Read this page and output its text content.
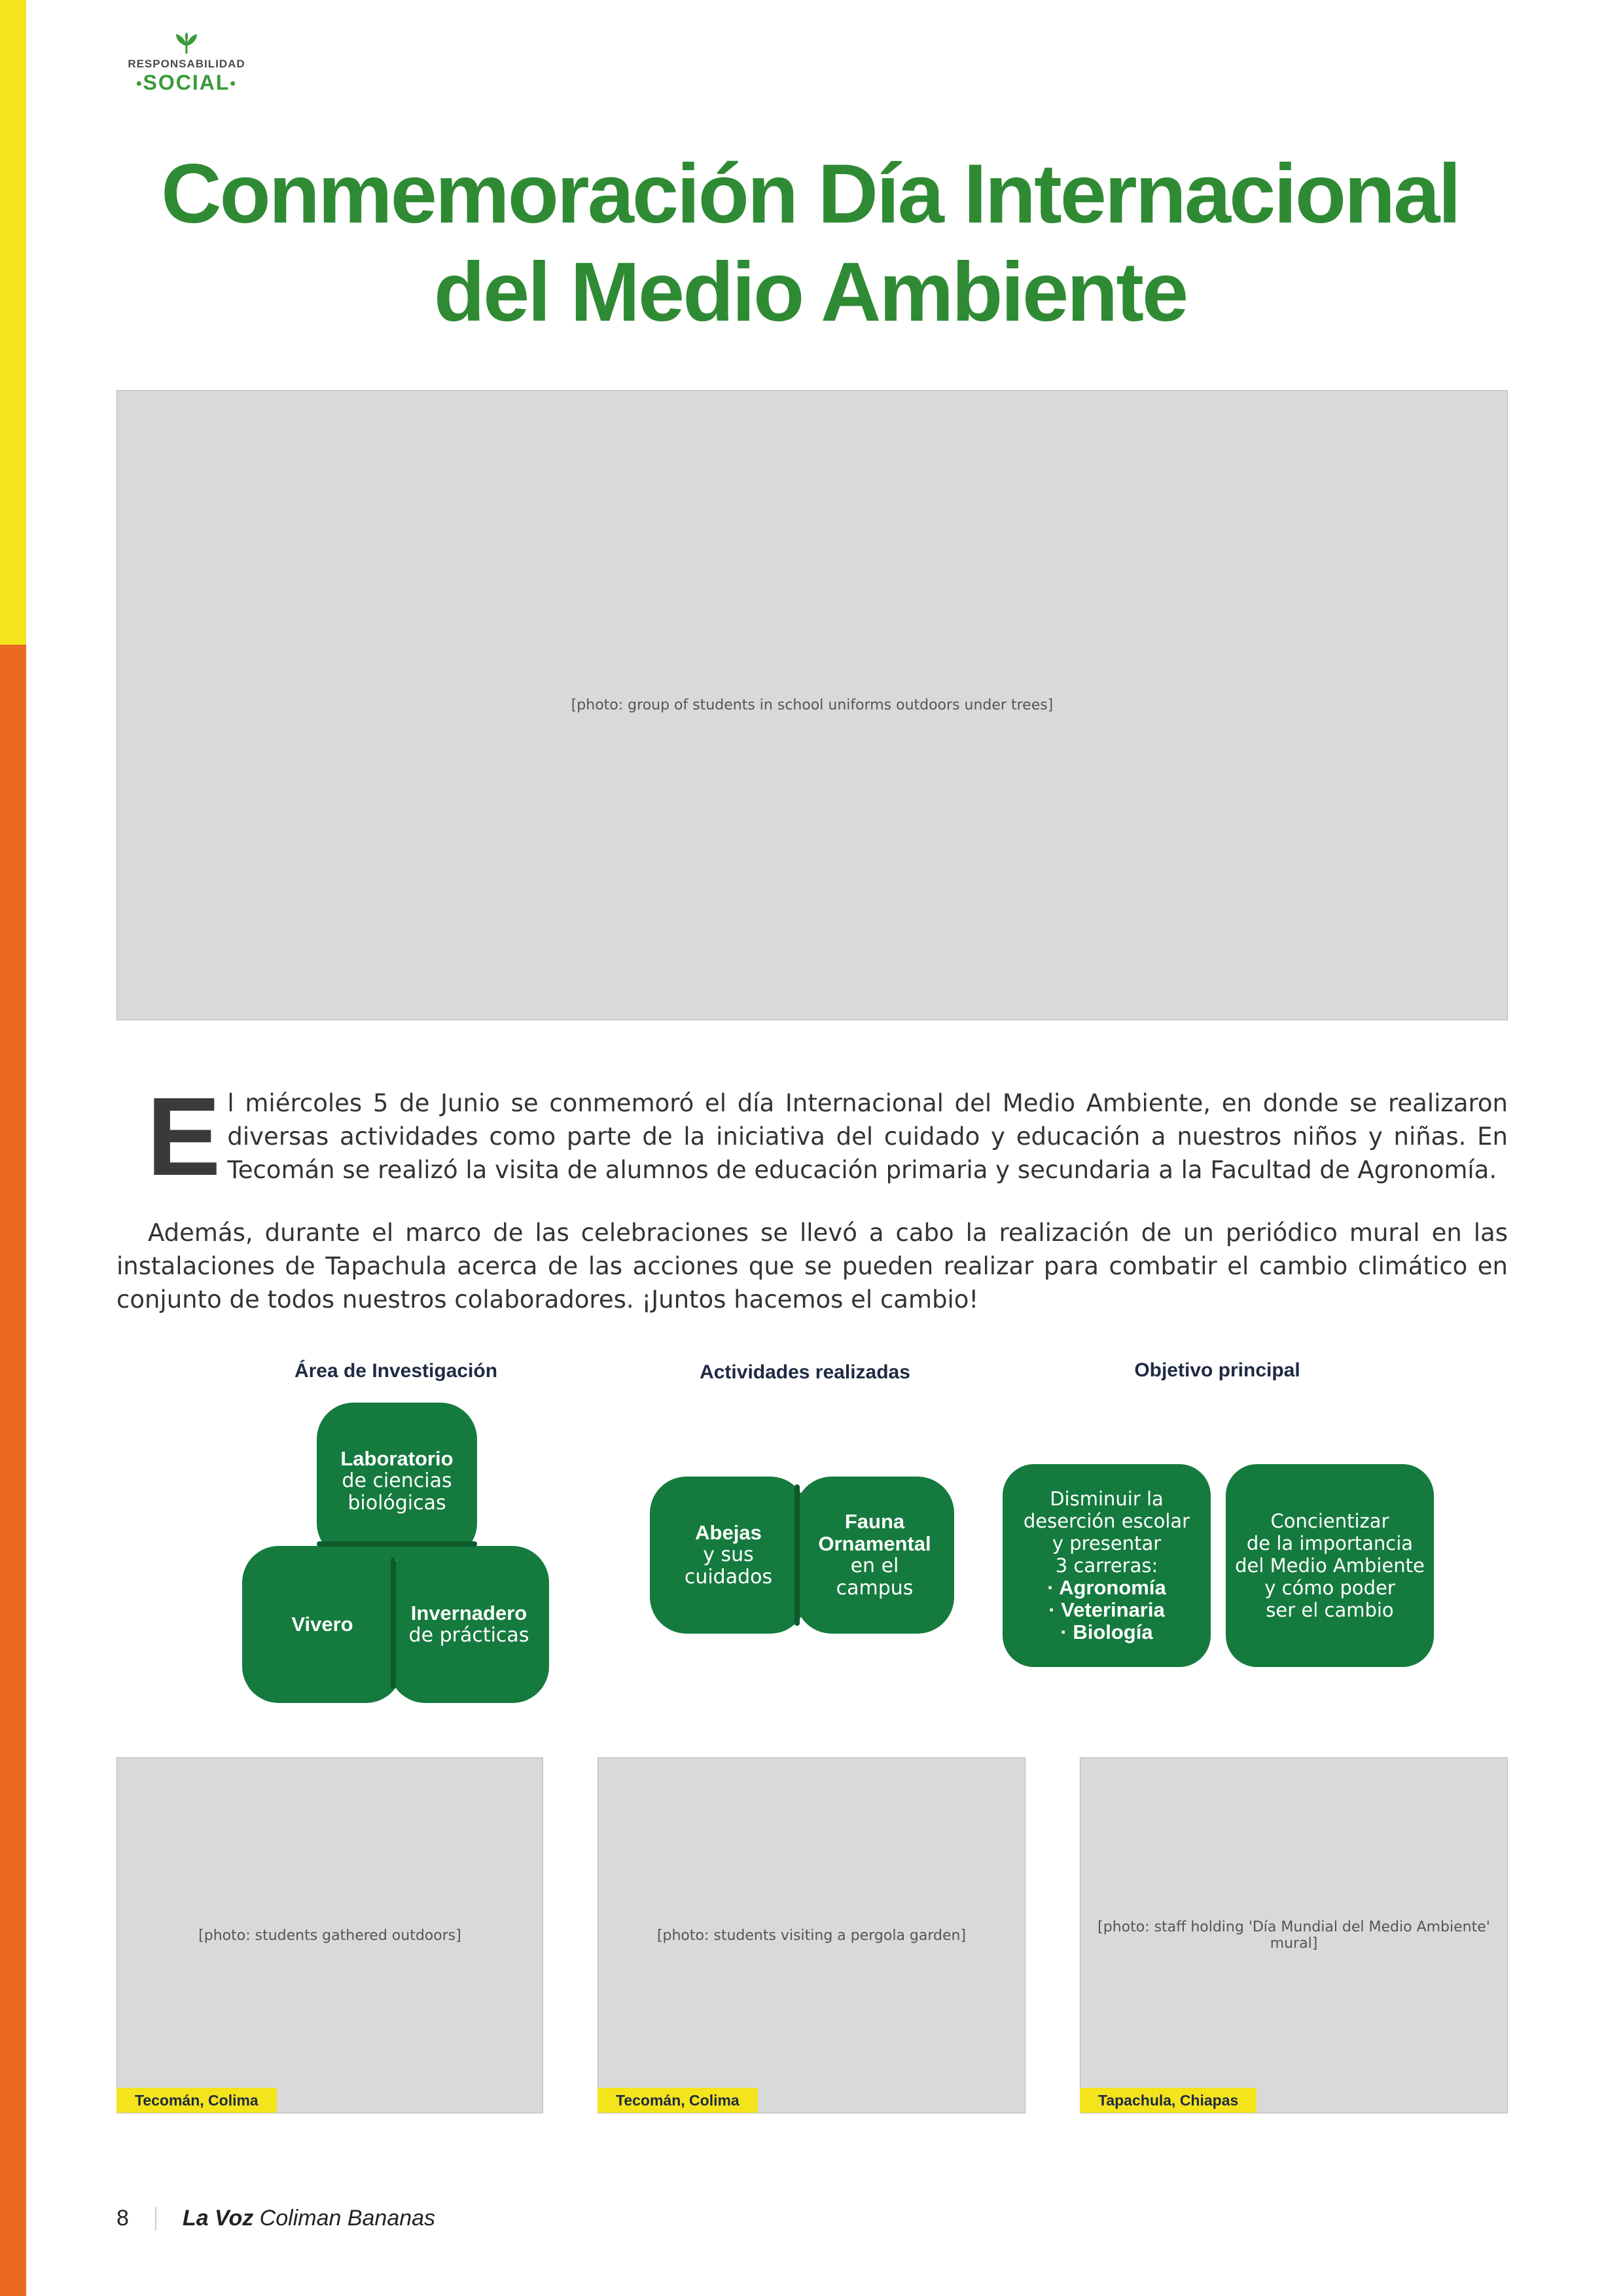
RESPONSABILIDAD
•SOCIAL•
Conmemoración Día Internacional
del Medio Ambiente
[photo: group of students in school uniforms outdoors under trees]

El miércoles 5 de Junio se conmemoró el día Internacional del Medio Ambiente, en donde se realizaron diversas actividades como parte de la iniciativa del cuidado y educación a nuestros niños y niñas. En Tecomán se realizó la visita de alumnos de educación primaria y secundaria a la Facultad de Agronomía.

Además, durante el marco de las celebraciones se llevó a cabo la realización de un periódico mural en las instalaciones de Tapachula acerca de las acciones que se pueden realizar para combatir el cambio climático en conjunto de todos nuestros colaboradores. ¡Juntos hacemos el cambio!

Área de Investigación	Actividades realizadas	Objetivo principal
Laboratorio
de ciencias
biológicas
Vivero	Invernadero
de prácticas
Abejas
y sus
cuidados
Fauna
Ornamental
en el
campus
Disminuir la
deserción escolar
y presentar
3 carreras:
· Agronomía
· Veterinaria
· Biología
Concientizar
de la importancia
del Medio Ambiente
y cómo poder
ser el cambio
[photo: students gathered outdoors]
Tecomán, Colima
[photo: students visiting a pergola garden]
Tecomán, Colima
[photo: staff holding 'Día Mundial del Medio Ambiente' mural]
Tapachula, Chiapas
8 La Voz Coliman Bananas
